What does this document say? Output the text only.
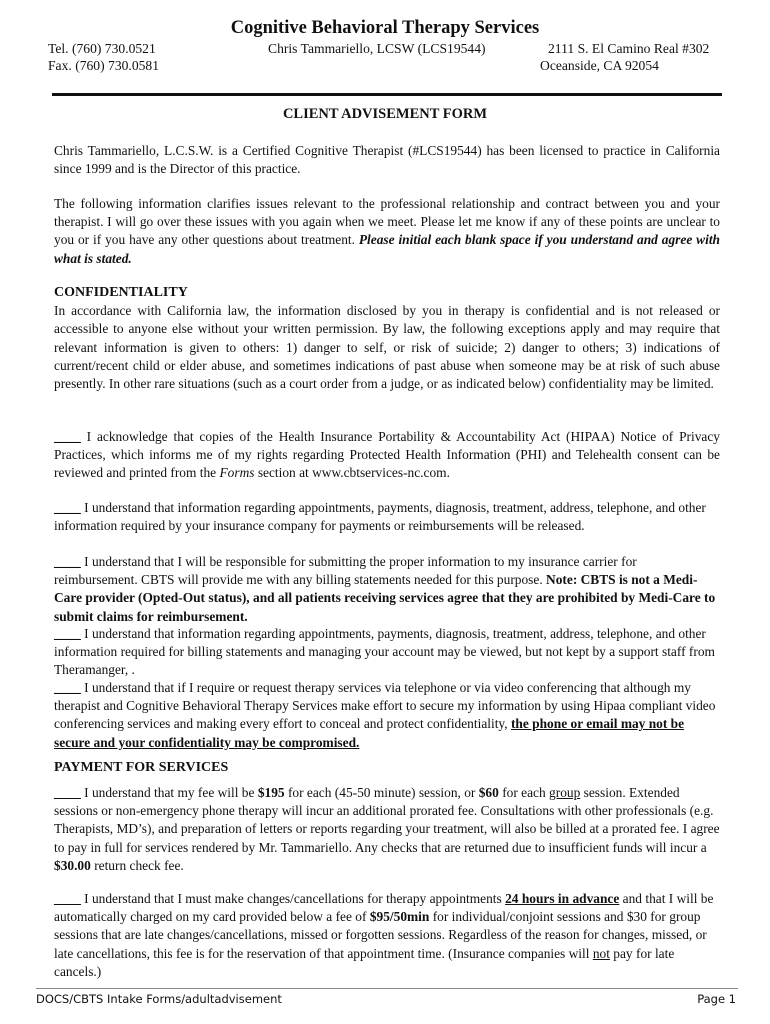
Cognitive Behavioral Therapy Services
Tel. (760) 730.0521
Fax. (760) 730.0581
Chris Tammariello, LCSW (LCS19544)	2111 S. El Camino Real #302
Oceanside, CA 92054
CLIENT ADVISEMENT FORM

Chris Tammariello, L.C.S.W. is a Certified Cognitive Therapist (#LCS19544) has been licensed to practice in California since 1999 and is the Director of this practice.

The following information clarifies issues relevant to the professional relationship and contract between you and your therapist. I will go over these issues with you again when we meet. Please let me know if any of these points are unclear to you or if you have any other questions about treatment. Please initial each blank space if you understand and agree with what is stated.

CONFIDENTIALITY

In accordance with California law, the information disclosed by you in therapy is confidential and is not released or accessible to anyone else without your written permission. By law, the following exceptions apply and may require that relevant information is given to others: 1) danger to self, or risk of suicide; 2) danger to others; 3) indications of current/recent child or elder abuse, and sometimes indications of past abuse when someone may be at risk of such abuse presently. In other rare situations (such as a court order from a judge, or as indicated below) confidentiality may be limited.

____ I acknowledge that copies of the Health Insurance Portability & Accountability Act (HIPAA) Notice of Privacy Practices, which informs me of my rights regarding Protected Health Information (PHI) and Telehealth consent can be reviewed and printed from the Forms section at www.cbtservices-nc.com.

____ I understand that information regarding appointments, payments, diagnosis, treatment, address, telephone, and other information required by your insurance company for payments or reimbursements will be released.

____ I understand that I will be responsible for submitting the proper information to my insurance carrier for reimbursement. CBTS will provide me with any billing statements needed for this purpose. Note: CBTS is not a Medi-Care provider (Opted-Out status), and all patients receiving services agree that they are prohibited by Medi-Care to submit claims for reimbursement.

____ I understand that information regarding appointments, payments, diagnosis, treatment, address, telephone, and other information required for billing statements and managing your account may be viewed, but not kept by a support staff from Theramanger, .

____ I understand that if I require or request therapy services via telephone or via video conferencing that although my therapist and Cognitive Behavioral Therapy Services make effort to secure my information by using Hipaa compliant video conferencing services and making every effort to conceal and protect confidentiality, the phone or email may not be secure and your confidentiality may be compromised.

PAYMENT FOR SERVICES

____ I understand that my fee will be $195 for each (45-50 minute) session, or $60 for each group session. Extended sessions or non-emergency phone therapy will incur an additional prorated fee. Consultations with other professionals (e.g. Therapists, MD’s), and preparation of letters or reports regarding your treatment, will also be billed at a prorated fee. I agree to pay in full for services rendered by Mr. Tammariello. Any checks that are returned due to insufficient funds will incur a $30.00 return check fee.

____ I understand that I must make changes/cancellations for therapy appointments 24 hours in advance and that I will be automatically charged on my card provided below a fee of $95/50min for individual/conjoint sessions and $30 for group sessions that are late changes/cancellations, missed or forgotten sessions. Regardless of the reason for changes, missed, or late cancellations, this fee is for the reservation of that appointment time. (Insurance companies will not pay for late cancels.)

DOCS/CBTS Intake Forms/adultadvisement	Page 1
